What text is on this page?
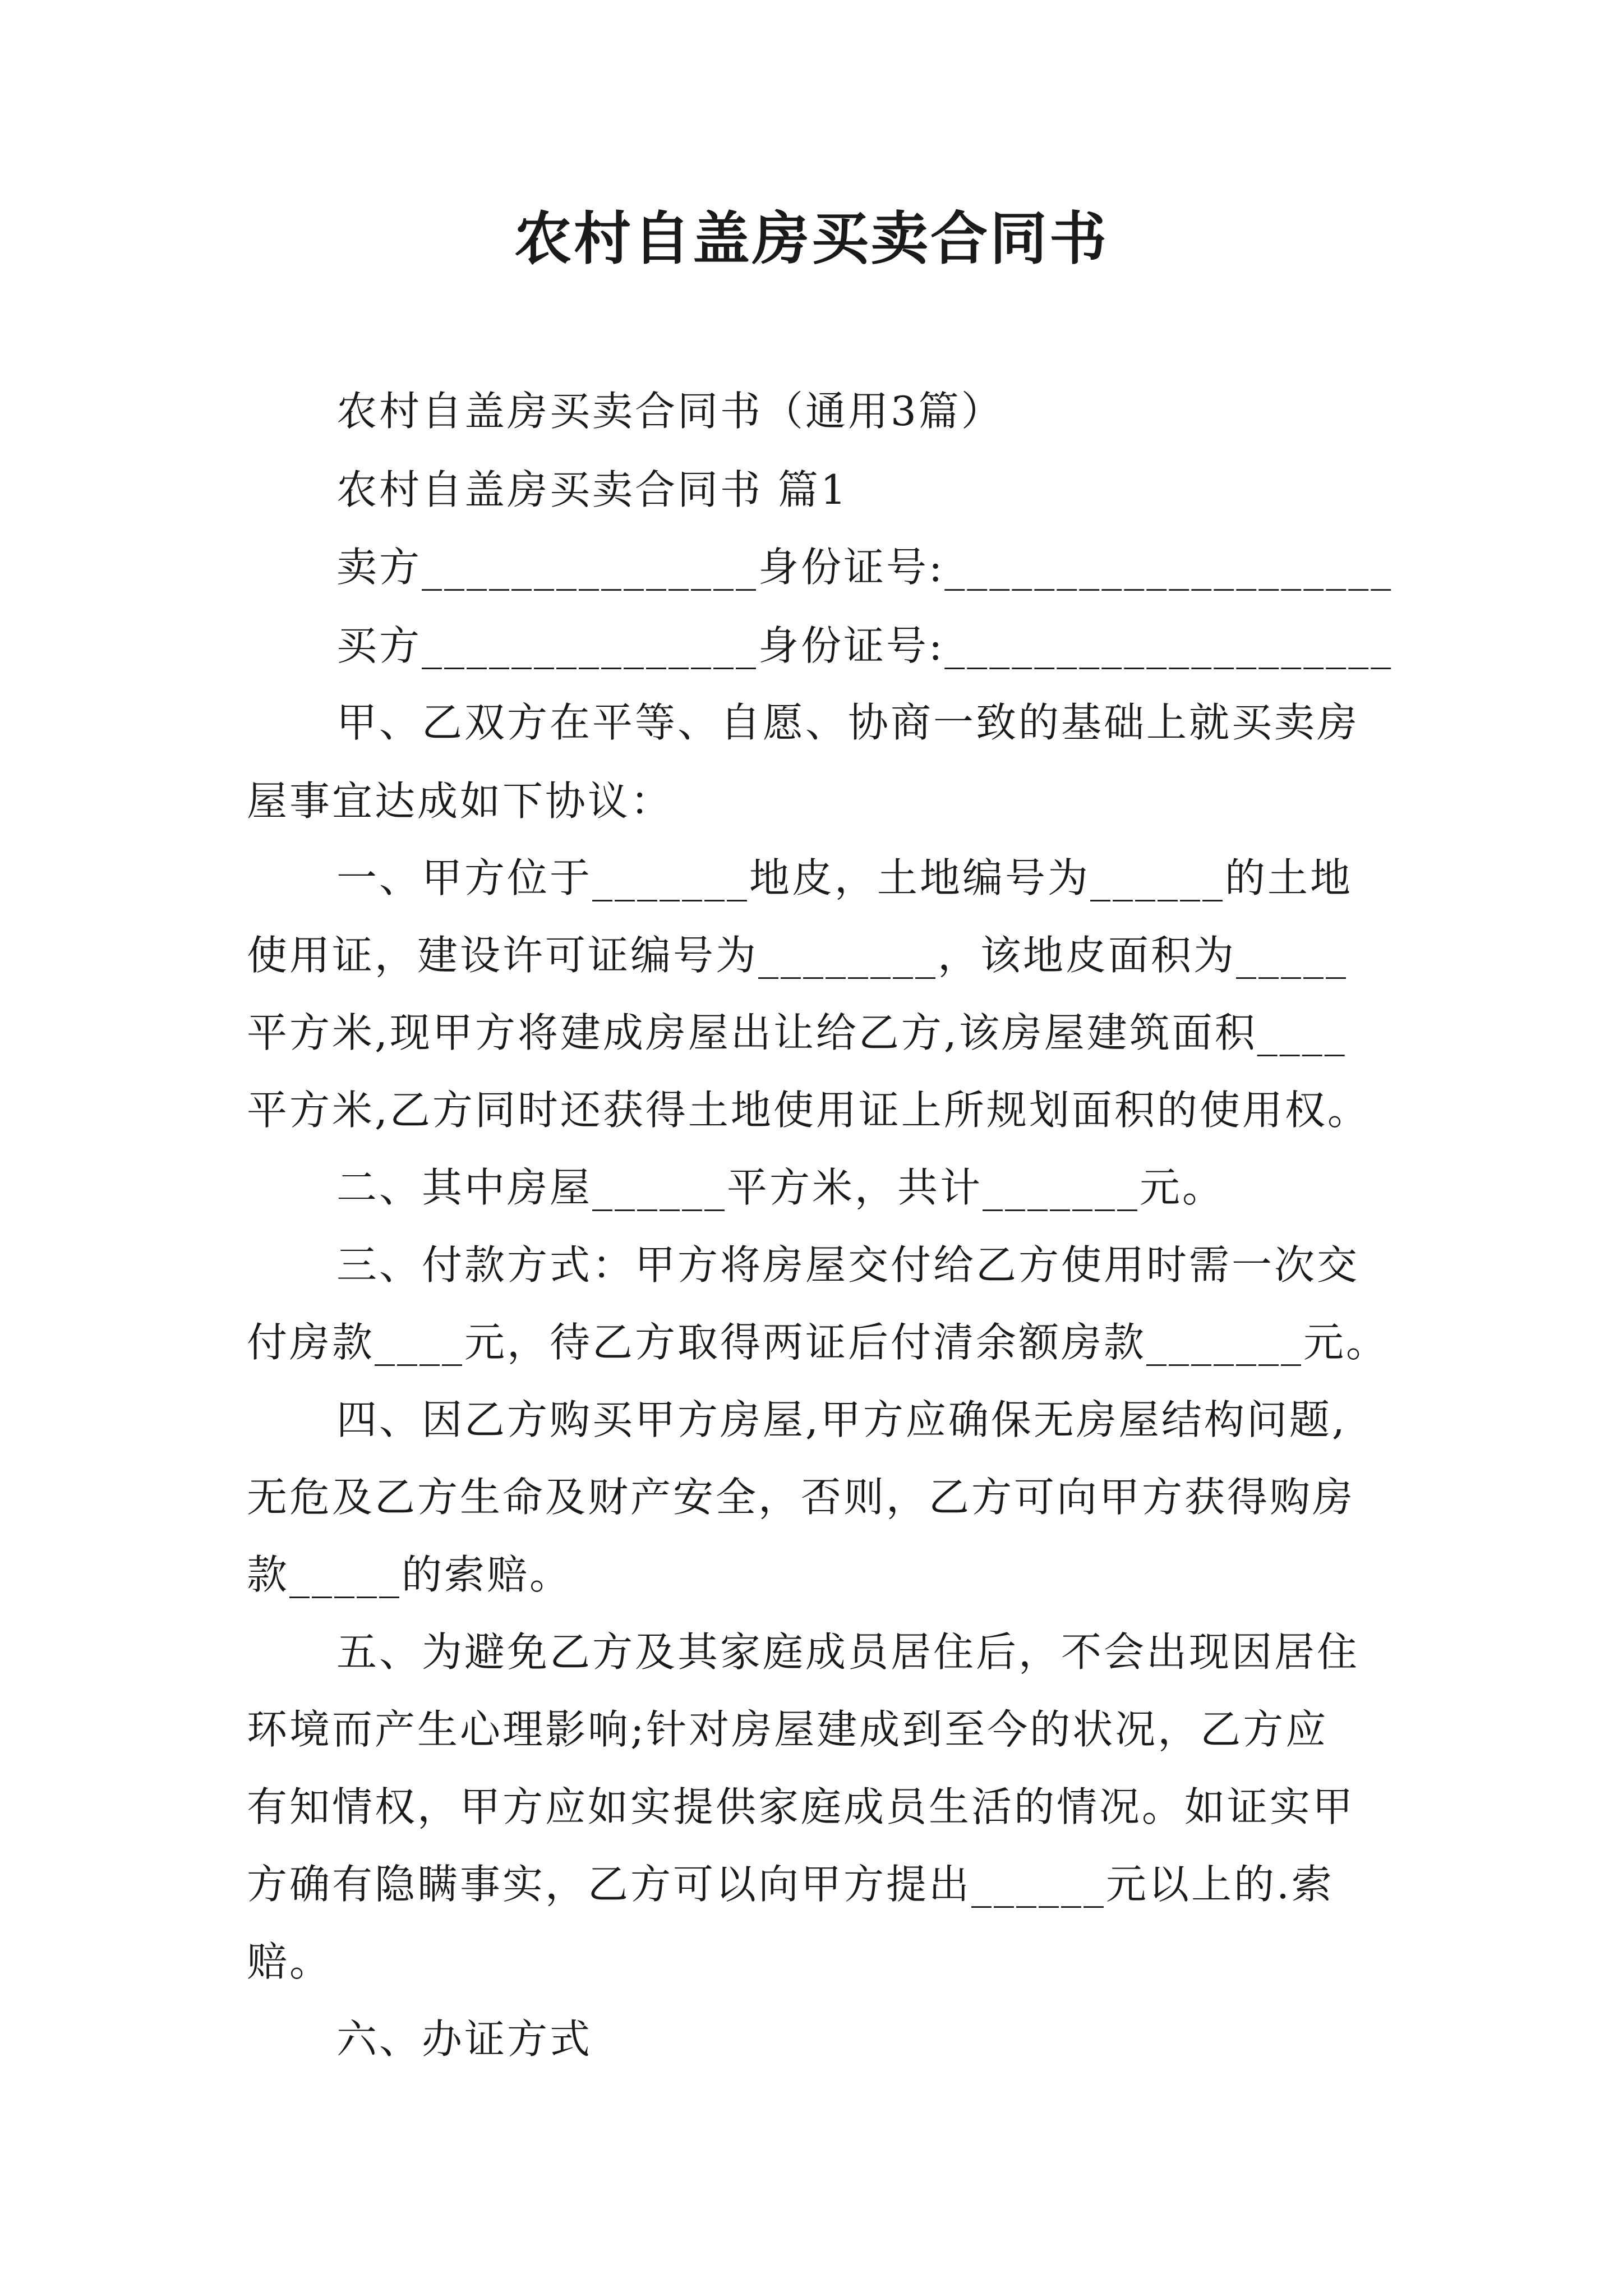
农村自盖房买卖合同书
农村自盖房买卖合同书（通用3篇）
农村自盖房买卖合同书 篇1
卖方_______________身份证号:____________________
买方_______________身份证号:____________________
甲、乙双方在平等、自愿、协商一致的基础上就买卖房
屋事宜达成如下协议：
一、甲方位于_______地皮，土地编号为______的土地
使用证，建设许可证编号为________，该地皮面积为_____
平方米,现甲方将建成房屋出让给乙方,该房屋建筑面积____
平方米,乙方同时还获得土地使用证上所规划面积的使用权。
二、其中房屋______平方米，共计_______元。
三、付款方式：甲方将房屋交付给乙方使用时需一次交
付房款____元，待乙方取得两证后付清余额房款_______元。
四、因乙方购买甲方房屋,甲方应确保无房屋结构问题,
无危及乙方生命及财产安全，否则，乙方可向甲方获得购房
款_____的索赔。
五、为避免乙方及其家庭成员居住后，不会出现因居住
环境而产生心理影响;针对房屋建成到至今的状况，乙方应
有知情权，甲方应如实提供家庭成员生活的情况。如证实甲
方确有隐瞒事实，乙方可以向甲方提出______元以上的.索
赔。
六、办证方式
